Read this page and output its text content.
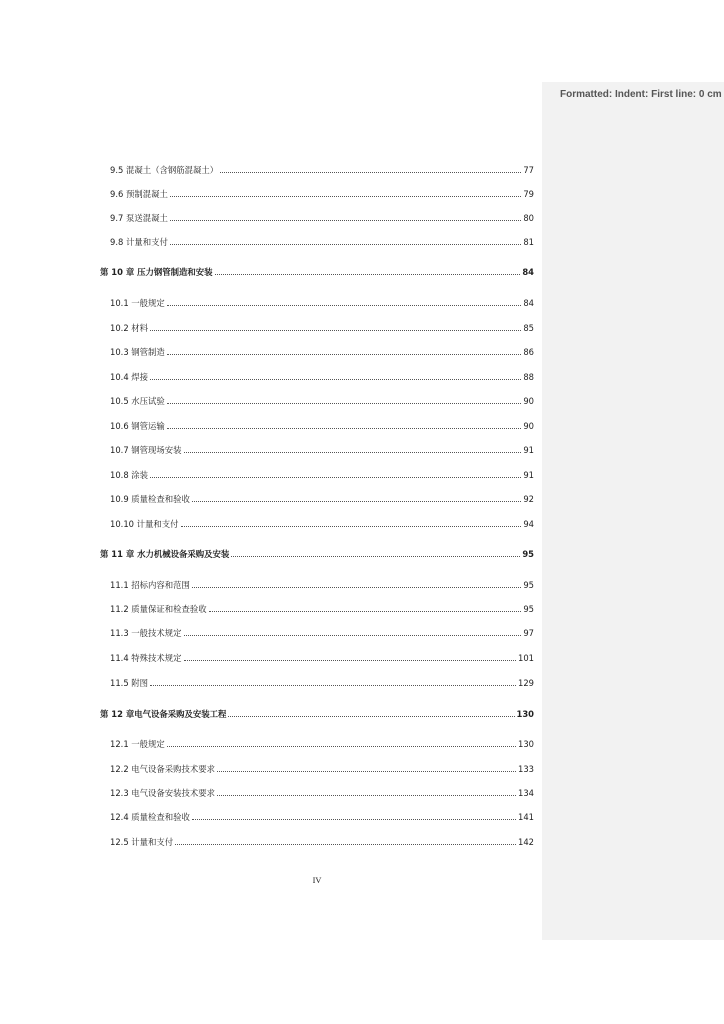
Formatted: Indent: First line: 0 cm
9.5 混凝土（含钢筋混凝土）	77
9.6 预制混凝土	79
9.7 泵送混凝土	80
9.8 计量和支付	81
第 10 章 压力钢管制造和安装	84
10.1 一般规定	84
10.2 材料	85
10.3 钢管制造	86
10.4 焊接	88
10.5 水压试验	90
10.6 钢管运输	90
10.7 钢管现场安装	91
10.8 涂装	91
10.9 质量检查和验收	92
10.10 计量和支付	94
第 11 章 水力机械设备采购及安装	95
11.1 招标内容和范围	95
11.2 质量保证和检查验收	95
11.3 一般技术规定	97
11.4 特殊技术规定	101
11.5 附图	129
第 12 章电气设备采购及安装工程	130
12.1 一般规定	130
12.2 电气设备采购技术要求	133
12.3 电气设备安装技术要求	134
12.4 质量检查和验收	141
12.5 计量和支付	142
IV
